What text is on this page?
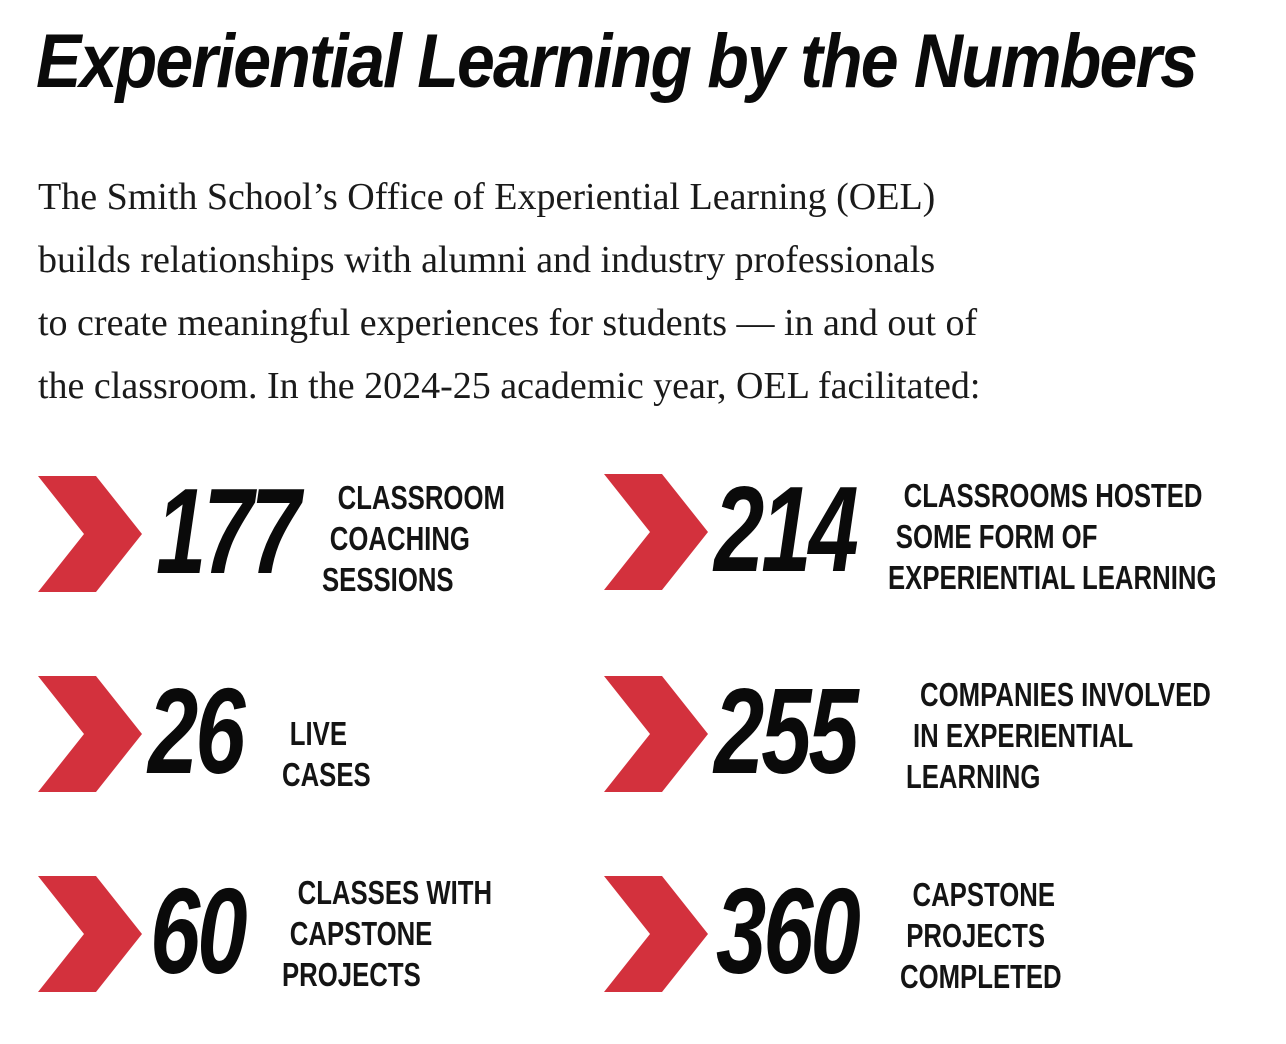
Experiential Learning by the Numbers

The Smith School’s Office of Experiential Learning (OEL)
builds relationships with alumni and industry professionals
to create meaningful experiences for students — in and out of
the classroom. In the 2024-25 academic year, OEL facilitated:

177 CLASSROOM
COACHING
SESSIONS	214 CLASSROOMS HOSTED
SOME FORM OF
EXPERIENTIAL LEARNING
26 LIVE
CASES	255 COMPANIES INVOLVED
IN EXPERIENTIAL
LEARNING
60 CLASSES WITH
CAPSTONE
PROJECTS	360 CAPSTONE
PROJECTS
COMPLETED
